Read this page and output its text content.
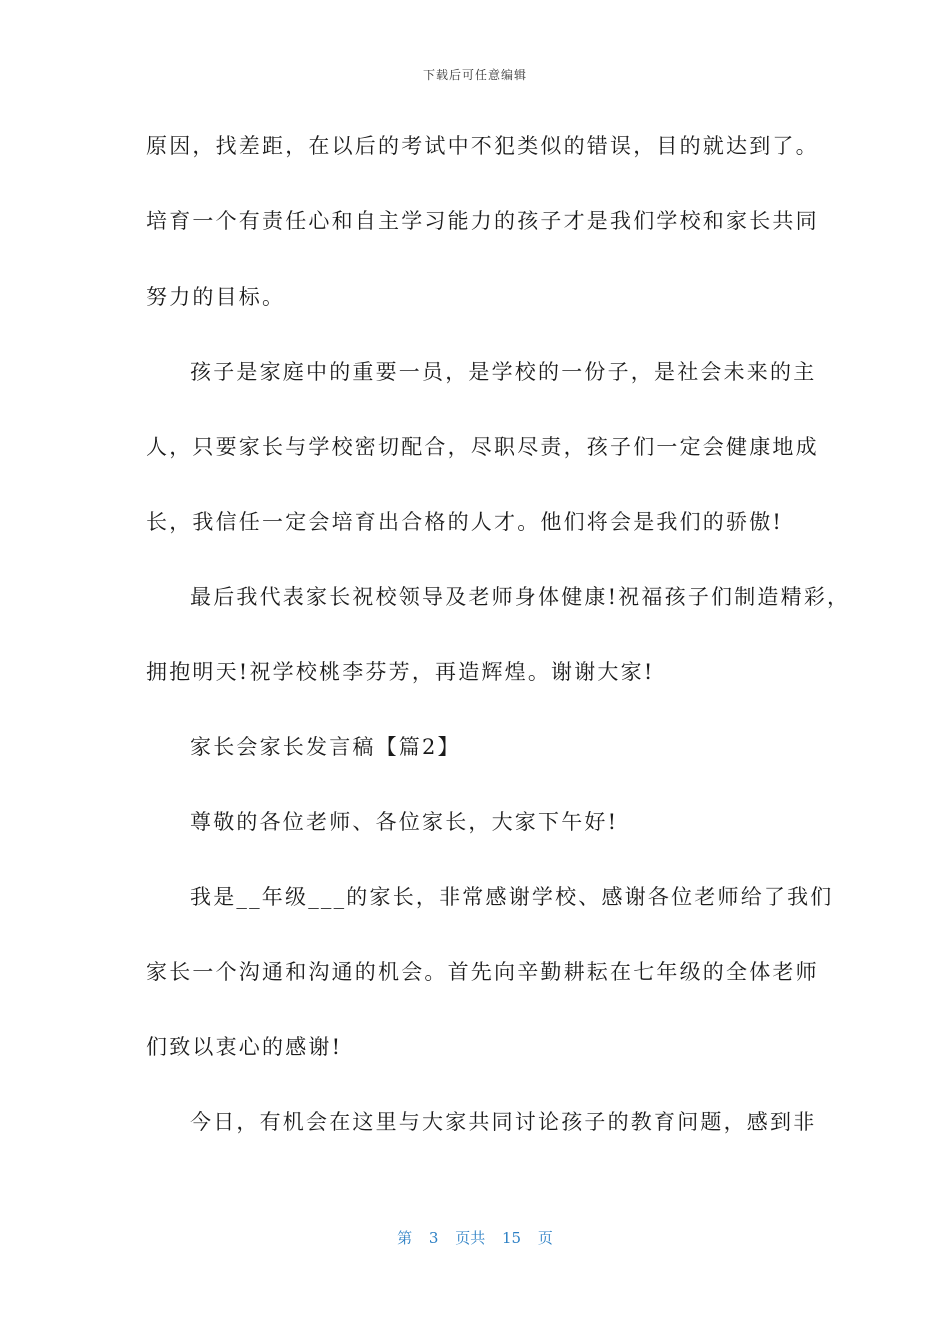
下载后可任意编辑
原因，找差距，在以后的考试中不犯类似的错误，目的就达到了。
培育一个有责任心和自主学习能力的孩子才是我们学校和家长共同
努力的目标。
孩子是家庭中的重要一员，是学校的一份子，是社会未来的主
人，只要家长与学校密切配合，尽职尽责，孩子们一定会健康地成
长，我信任一定会培育出合格的人才。他们将会是我们的骄傲!
最后我代表家长祝校领导及老师身体健康!祝福孩子们制造精彩，
拥抱明天!祝学校桃李芬芳，再造辉煌。谢谢大家!
家长会家长发言稿【篇2】
尊敬的各位老师、各位家长，大家下午好!
我是__年级___的家长，非常感谢学校、感谢各位老师给了我们
家长一个沟通和沟通的机会。首先向辛勤耕耘在七年级的全体老师
们致以衷心的感谢!
今日，有机会在这里与大家共同讨论孩子的教育问题，感到非
第 3 页共 15 页
